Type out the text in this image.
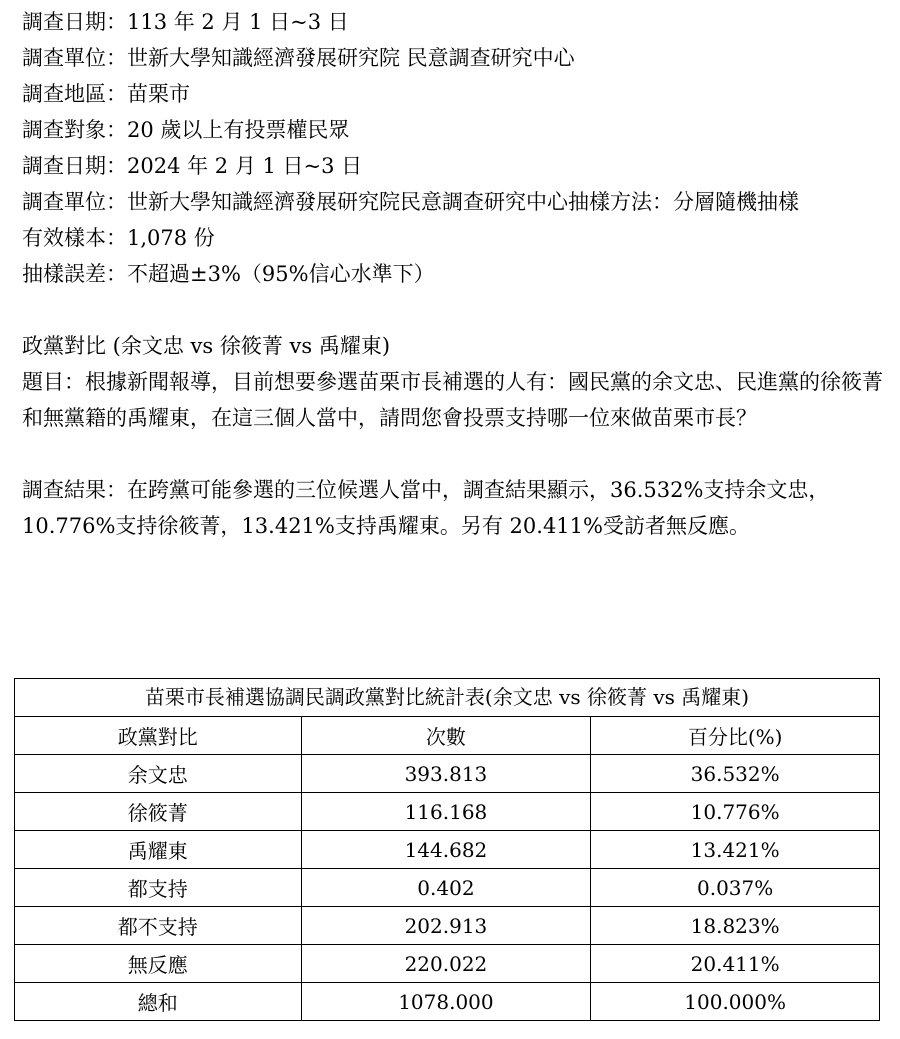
調查日期：113 年 2 月 1 日~3 日

調查單位：世新大學知識經濟發展研究院 民意調查研究中心

調查地區：苗栗市

調查對象：20 歲以上有投票權民眾

調查日期：2024 年 2 月 1 日~3 日

調查單位：世新大學知識經濟發展研究院民意調查研究中心抽樣方法：分層隨機抽樣

有效樣本：1,078 份

抽樣誤差：不超過±3%（95%信心水準下）

政黨對比 (余文忠 vs 徐筱菁 vs 禹耀東)

題目：根據新聞報導，目前想要參選苗栗市長補選的人有：國民黨的余文忠、民進黨的徐筱菁和無黨籍的禹耀東，在這三個人當中，請問您會投票支持哪一位來做苗栗市長？

調查結果：在跨黨可能參選的三位候選人當中，調查結果顯示，36.532%支持余文忠， 10.776%支持徐筱菁，13.421%支持禹耀東。另有 20.411%受訪者無反應。

苗栗市長補選協調民調政黨對比統計表(余文忠 vs 徐筱菁 vs 禹耀東)
政黨對比	次數	百分比(%)
余文忠	393.813	36.532%
徐筱菁	116.168	10.776%
禹耀東	144.682	13.421%
都支持	0.402	0.037%
都不支持	202.913	18.823%
無反應	220.022	20.411%
總和	1078.000	100.000%
